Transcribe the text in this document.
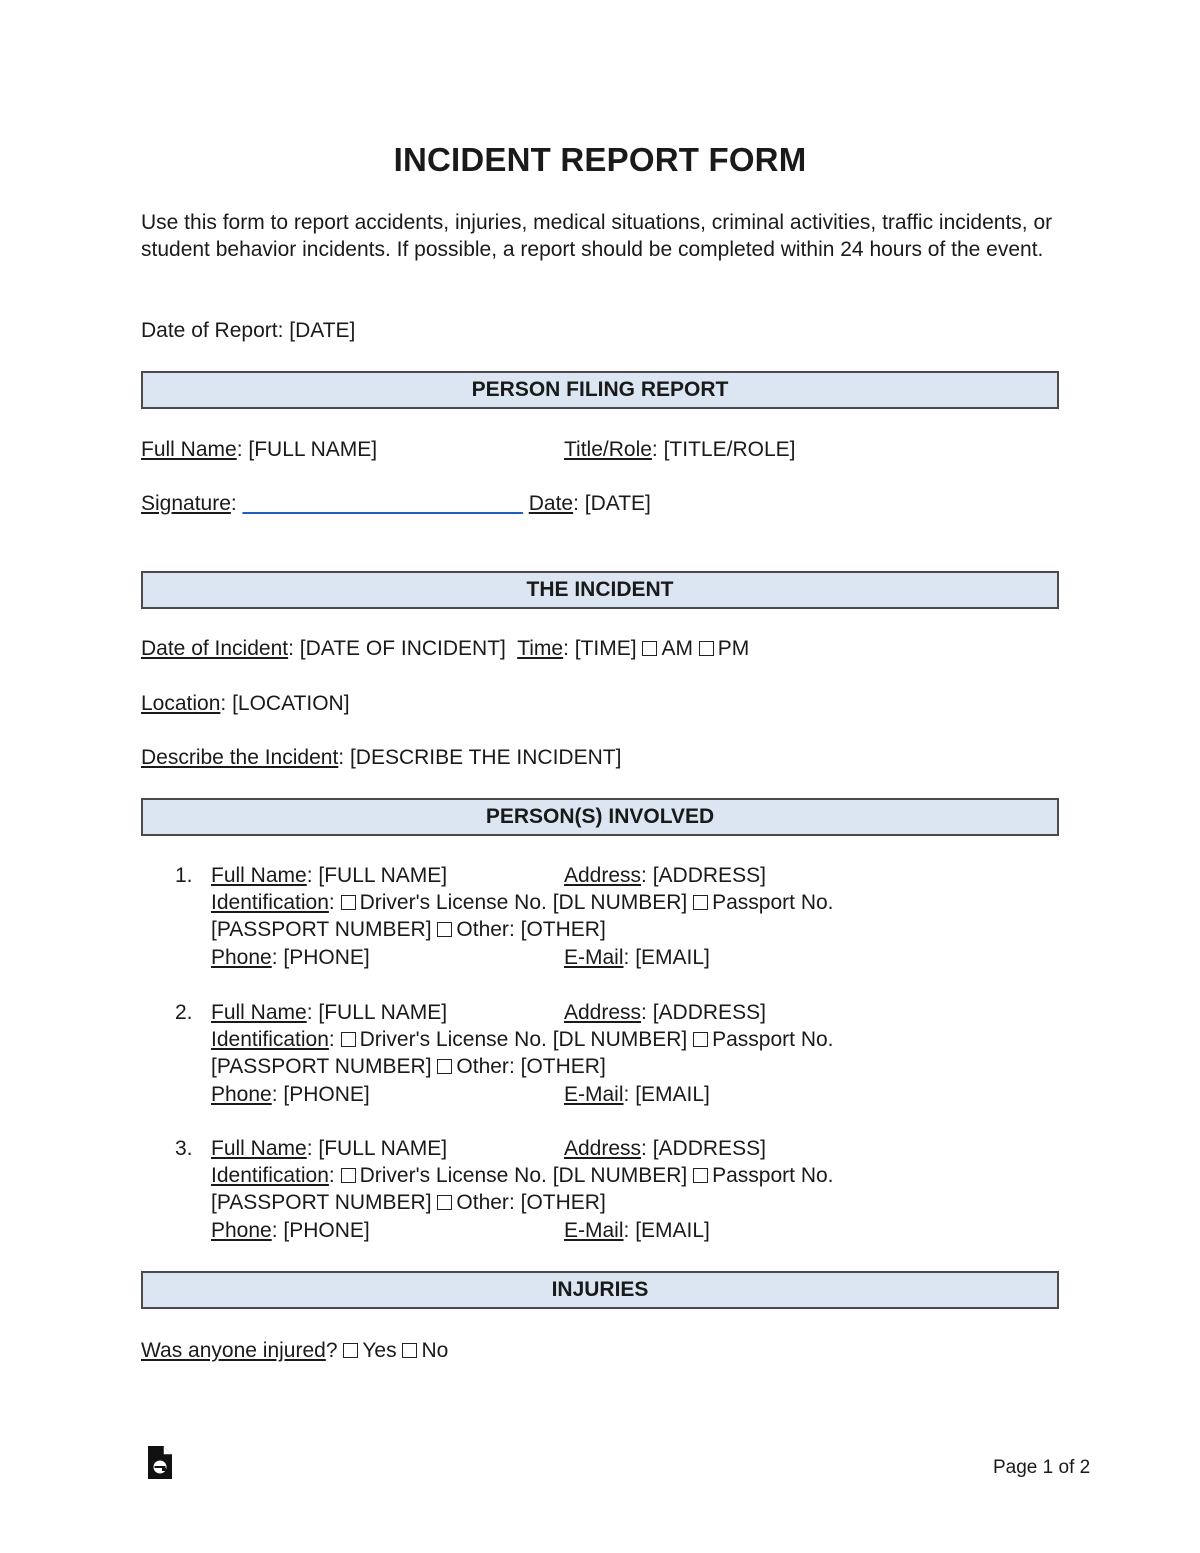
INCIDENT REPORT FORM
Use this form to report accidents, injuries, medical situations, criminal activities, traffic incidents, or student behavior incidents. If possible, a report should be completed within 24 hours of the event.
Date of Report: [DATE]
PERSON FILING REPORT
Full Name: [FULL NAME]	Title/Role: [TITLE/ROLE]
Signature: ________________________ Date: [DATE]
THE INCIDENT
Date of Incident: [DATE OF INCIDENT] Time: [TIME] AM PM
Location: [LOCATION]
Describe the Incident: [DESCRIBE THE INCIDENT]
PERSON(S) INVOLVED
1. Full Name: [FULL NAME]	Address: [ADDRESS]
Identification: Driver's License No. [DL NUMBER] Passport No.
[PASSPORT NUMBER] Other: [OTHER]
Phone: [PHONE]	E-Mail: [EMAIL]
2. Full Name: [FULL NAME]	Address: [ADDRESS]
Identification: Driver's License No. [DL NUMBER] Passport No.
[PASSPORT NUMBER] Other: [OTHER]
Phone: [PHONE]	E-Mail: [EMAIL]
3. Full Name: [FULL NAME]	Address: [ADDRESS]
Identification: Driver's License No. [DL NUMBER] Passport No.
[PASSPORT NUMBER] Other: [OTHER]
Phone: [PHONE]	E-Mail: [EMAIL]
INJURIES
Was anyone injured? Yes No
Page 1 of 2
